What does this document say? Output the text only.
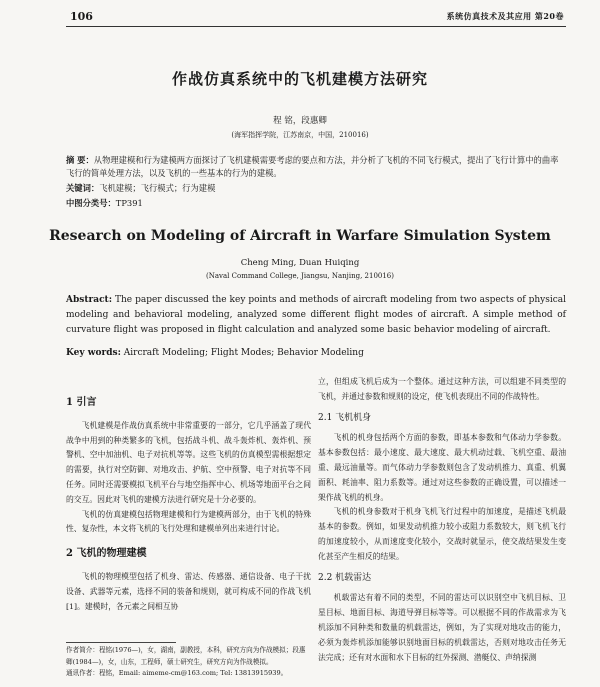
106	系统仿真技术及其应用 第20卷
作战仿真系统中的飞机建模方法研究
程 铭，段惠卿
(海军指挥学院，江苏南京，中国，210016)
摘 要：从物理建模和行为建模两方面探讨了飞机建模需要考虑的要点和方法，并分析了飞机的不同飞行模式，提出了飞行计算中的曲率飞行的简单处理方法，以及飞机的一些基本的行为的建模。
关键词：飞机建模；飞行模式；行为建模
中图分类号：TP391
Research on Modeling of Aircraft in Warfare Simulation System
Cheng Ming, Duan Huiqing
(Naval Command College, Jiangsu, Nanjing, 210016)
Abstract: The paper discussed the key points and methods of aircraft modeling from two aspects of physical modeling and behavioral modeling, analyzed some different flight modes of aircraft. A simple method of curvature flight was proposed in flight calculation and analyzed some basic behavior modeling of aircraft.
Key words: Aircraft Modeling; Flight Modes; Behavior Modeling
1 引言

飞机建模是作战仿真系统中非常重要的一部分，它几乎涵盖了现代战争中用到的种类繁多的飞机，包括战斗机、战斗轰炸机、轰炸机、预警机、空中加油机、电子对抗机等等。这些飞机的仿真模型需根据想定的需要，执行对空防御、对地攻击、护航、空中预警、电子对抗等不同任务。同时还需要模拟飞机平台与地空指挥中心、机场等地面平台之间的交互。因此对飞机的建模方法进行研究是十分必要的。

飞机的仿真建模包括物理建模和行为建模两部分，由于飞机的特殊性、复杂性，本文将飞机的飞行处理和建模单列出来进行讨论。

2 飞机的物理建模

飞机的物理模型包括了机身、雷达、传感器、通信设备、电子干扰设备、武器等元素，选择不同的装备和规则，就可构成不同的作战飞机[1]。建模时，各元素之间相互协

立，但组成飞机后成为一个整体。通过这种方法，可以组建不同类型的飞机，并通过参数和规则的设定，使飞机表现出不同的作战特性。

2.1 飞机机身

飞机的机身包括两个方面的参数，即基本参数和气体动力学参数。基本参数包括：最小速度、最大速度、最大机动过载、飞机空重、最油重、最远油量等。而气体动力学参数则包含了发动机推力、真重、机翼面积、耗油率、阻力系数等。通过对这些参数的正确设置，可以描述一架作战飞机的机身。

飞机的机身参数对于机身飞机飞行过程中的加速度，是描述飞机最基本的参数。例如，如果发动机推力较小或阻力系数较大，则飞机飞行的加速度较小，从而速度变化较小，交战时就显示，使交战结果发生变化甚至产生相反的结果。

2.2 机载雷达

机载雷达有着不同的类型，不同的雷达可以识别空中飞机目标、卫星目标、地面目标、海道导弹目标等等。可以根据不同的作战需求为飞机添加不同种类和数量的机载雷达，例如，为了实现对地攻击的能力，必须为轰炸机添加能够识别地面目标的机载雷达，否则对地攻击任务无法完成；还有对水面和水下目标的红外探测、潜艇仪、声纳探测

作者简介：程铭(1976—)，女，湖南，副教授，本科，研究方向为作战模拟；段惠卿(1984—)，女，山东，工程师，硕士研究生，研究方向为作战模拟。
通讯作者：程铭，Email: aimeme-cm@163.com; Tel: 13813915939。
